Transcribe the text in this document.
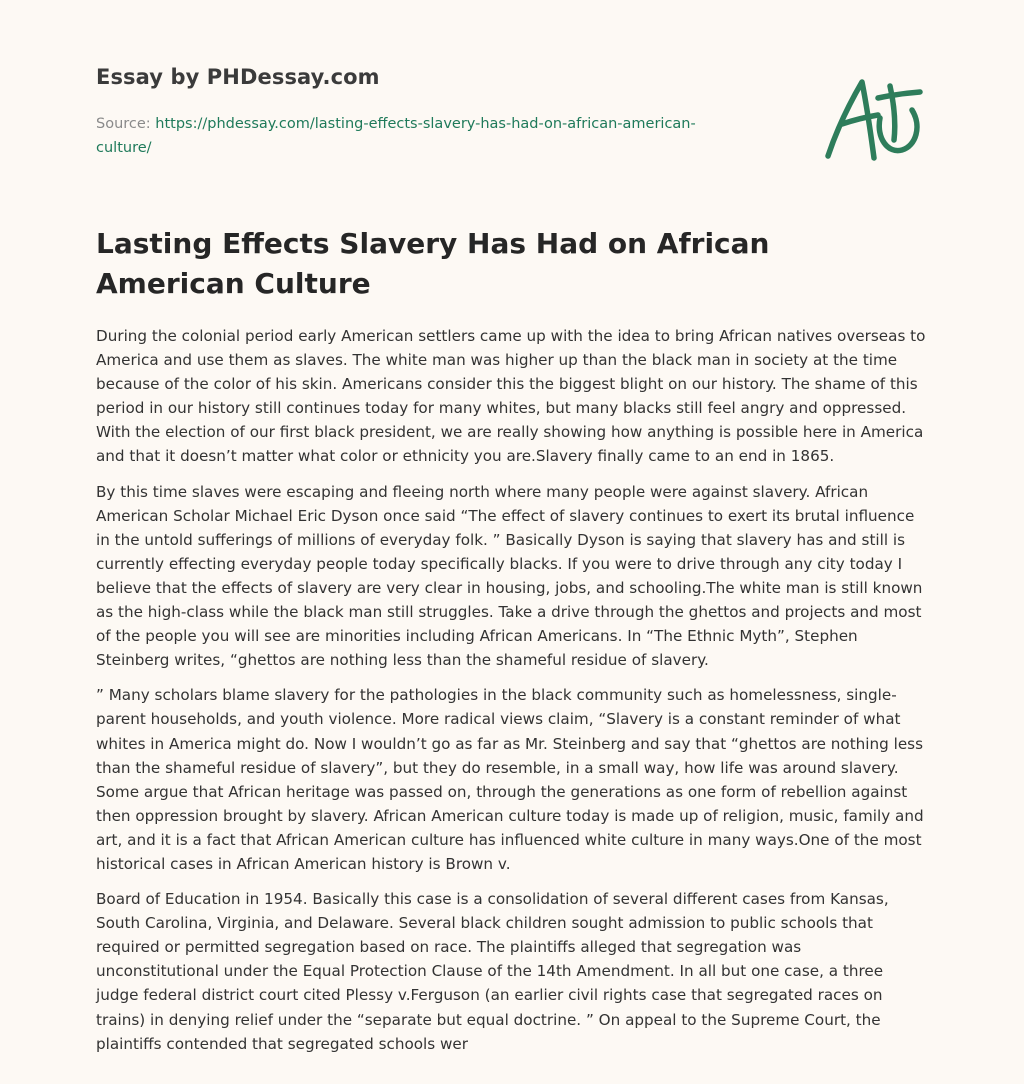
Essay by PHDessay.com
Source: https://phdessay.com/lasting-effects-slavery-has-had-on-african-american-culture/
Lasting Effects Slavery Has Had on African American Culture

During the colonial period early American settlers came up with the idea to bring African natives overseas to America and use them as slaves. The white man was higher up than the black man in society at the time because of the color of his skin. Americans consider this the biggest blight on our history. The shame of this period in our history still continues today for many whites, but many blacks still feel angry and oppressed. With the election of our first black president, we are really showing how anything is possible here in America and that it doesn’t matter what color or ethnicity you are.Slavery finally came to an end in 1865.

By this time slaves were escaping and fleeing north where many people were against slavery. African American Scholar Michael Eric Dyson once said “The effect of slavery continues to exert its brutal influence in the untold sufferings of millions of everyday folk. ” Basically Dyson is saying that slavery has and still is currently effecting everyday people today specifically blacks. If you were to drive through any city today I believe that the effects of slavery are very clear in housing, jobs, and schooling.The white man is still known as the high-class while the black man still struggles. Take a drive through the ghettos and projects and most of the people you will see are minorities including African Americans. In “The Ethnic Myth”, Stephen Steinberg writes, “ghettos are nothing less than the shameful residue of slavery.

” Many scholars blame slavery for the pathologies in the black community such as homelessness, single-parent households, and youth violence. More radical views claim, “Slavery is a constant reminder of what whites in America might do. Now I wouldn’t go as far as Mr. Steinberg and say that “ghettos are nothing less than the shameful residue of slavery”, but they do resemble, in a small way, how life was around slavery. Some argue that African heritage was passed on, through the generations as one form of rebellion against then oppression brought by slavery. African American culture today is made up of religion, music, family and art, and it is a fact that African American culture has influenced white culture in many ways.One of the most historical cases in African American history is Brown v.

Board of Education in 1954. Basically this case is a consolidation of several different cases from Kansas, South Carolina, Virginia, and Delaware. Several black children sought admission to public schools that required or permitted segregation based on race. The plaintiffs alleged that segregation was unconstitutional under the Equal Protection Clause of the 14th Amendment. In all but one case, a three judge federal district court cited Plessy v.Ferguson (an earlier civil rights case that segregated races on trains) in denying relief under the “separate but equal doctrine. ” On appeal to the Supreme Court, the plaintiffs contended that segregated schools wer
